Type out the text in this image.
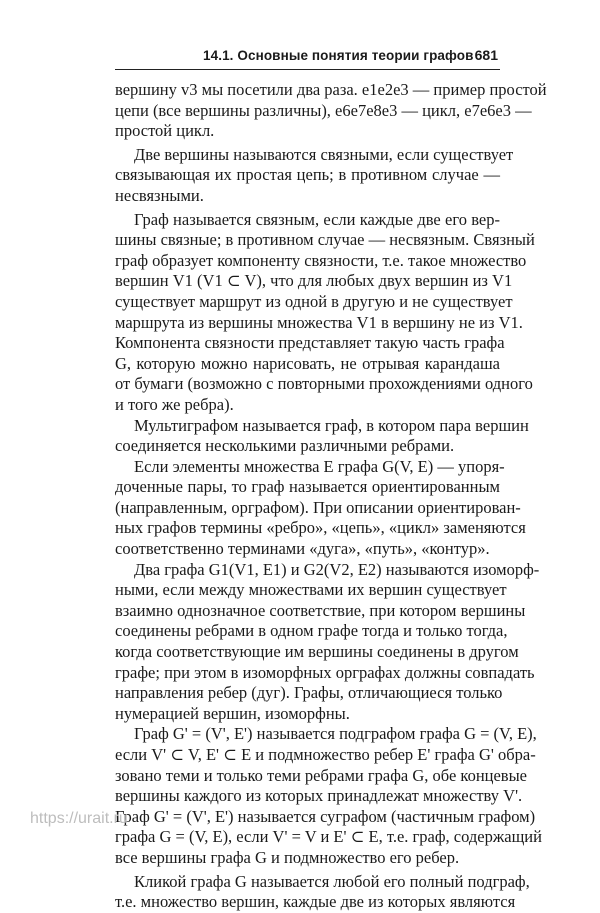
14.1. Основные понятия теории графов 681

вершину v3 мы посетили два раза. e1e2e3 — пример простой
цепи (все вершины различны), e6e7e8e3 — цикл, e7e6e3 —
простой цикл.

Две вершины называются связными, если существует
связывающая их простая цепь; в противном случае —
несвязными.

Граф называется связным, если каждые две его вер-
шины связные; в противном случае — несвязным. Связный
граф образует компоненту связности, т.е. такое множество
вершин V1 (V1 ⊂ V), что для любых двух вершин из V1
существует маршрут из одной в другую и не существует
маршрута из вершины множества V1 в вершину не из V1.
Компонента связности представляет такую часть графа
G, которую можно нарисовать, не отрывая карандаша
от бумаги (возможно с повторными прохождениями одного
и того же ребра).

Мультиграфом называется граф, в котором пара вершин
соединяется несколькими различными ребрами.

Если элементы множества E графа G(V, E) — упоря-
доченные пары, то граф называется ориентированным
(направленным, орграфом). При описании ориентирован-
ных графов термины «ребро», «цепь», «цикл» заменяются
соответственно терминами «дуга», «путь», «контур».

Два графа G1(V1, E1) и G2(V2, E2) называются изоморф-
ными, если между множествами их вершин существует
взаимно однозначное соответствие, при котором вершины
соединены ребрами в одном графе тогда и только тогда,
когда соответствующие им вершины соединены в другом
графе; при этом в изоморфных орграфах должны совпадать
направления ребер (дуг). Графы, отличающиеся только
нумерацией вершин, изоморфны.

Граф G' = (V', E') называется подграфом графа G = (V, E),
если V' ⊂ V, E' ⊂ E и подмножество ребер E' графа G' обра-
зовано теми и только теми ребрами графа G, обе концевые
вершины каждого из которых принадлежат множеству V'.

Граф G' = (V', E') называется суграфом (частичным графом)
графа G = (V, E), если V' = V и E' ⊂ E, т.е. граф, содержащий
все вершины графа G и подмножество его ребер.

Кликой графа G называется любой его полный подграф,
т.е. множество вершин, каждые две из которых являются

https://urait.ru
